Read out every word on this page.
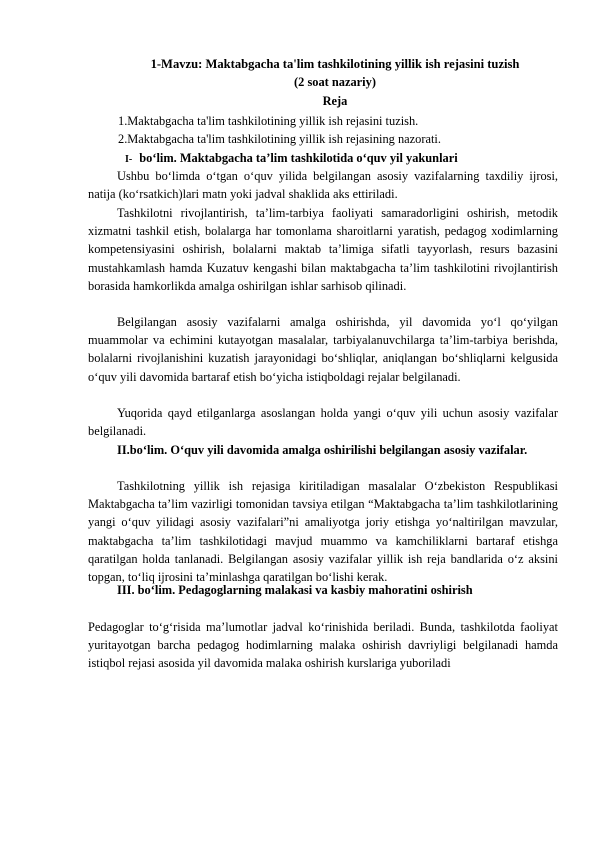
1-Mavzu: Maktabgacha ta'lim tashkilotining yillik ish rejasini tuzish
(2 soat nazariy)
Reja
1.Maktabgacha ta'lim tashkilotining yillik ish rejasini tuzish.
2.Maktabgacha ta'lim tashkilotining yillik ish rejasining nazorati.
I- bo‘lim. Maktabgacha ta’lim tashkilotida o‘quv yil yakunlari
Ushbu bo‘limda o‘tgan o‘quv yilida belgilangan asosiy vazifalarning taxdiliy ijrosi, natija (ko‘rsatkich)lari matn yoki jadval shaklida aks ettiriladi.
Tashkilotni rivojlantirish, ta’lim-tarbiya faoliyati samaradorligini oshirish, metodik xizmatni tashkil etish, bolalarga har tomonlama sharoitlarni yaratish, pedagog xodimlarning kompetensiyasini oshirish, bolalarni maktab ta’limiga sifatli tayyorlash, resurs bazasini mustahkamlash hamda Kuzatuv kengashi bilan maktabgacha ta’lim tashkilotini rivojlantirish borasida hamkorlikda amalga oshirilgan ishlar sarhisob qilinadi.
Belgilangan asosiy vazifalarni amalga oshirishda, yil davomida yo‘l qo‘yilgan muammolar va echimini kutayotgan masalalar, tarbiyalanuvchilarga ta’lim-tarbiya berishda, bolalarni rivojlanishini kuzatish jarayonidagi bo‘shliqlar, aniqlangan bo‘shliqlarni kelgusida o‘quv yili davomida bartaraf etish bo‘yicha istiqboldagi rejalar belgilanadi.
Yuqorida qayd etilganlarga asoslangan holda yangi o‘quv yili uchun asosiy vazifalar belgilanadi.
II.bo‘lim. O‘quv yili davomida amalga oshirilishi belgilangan asosiy vazifalar.
Tashkilotning yillik ish rejasiga kiritiladigan masalalar O‘zbekiston Respublikasi Maktabgacha ta’lim vazirligi tomonidan tavsiya etilgan “Maktabgacha ta’lim tashkilotlarining yangi o‘quv yilidagi asosiy vazifalari”ni amaliyotga joriy etishga yo‘naltirilgan mavzular, maktabgacha ta’lim tashkilotidagi mavjud muammo va kamchiliklarni bartaraf etishga qaratilgan holda tanlanadi. Belgilangan asosiy vazifalar yillik ish reja bandlarida o‘z aksini topgan, to‘liq ijrosini ta’minlashga qaratilgan bo‘lishi kerak.
III. bo‘lim. Pedagoglarning malakasi va kasbiy mahoratini oshirish
Pedagoglar to‘g‘risida ma’lumotlar jadval ko‘rinishida beriladi. Bunda, tashkilotda faoliyat yuritayotgan barcha pedagog hodimlarning malaka oshirish davriyligi belgilanadi hamda istiqbol rejasi asosida yil davomida malaka oshirish kurslariga yuboriladi
